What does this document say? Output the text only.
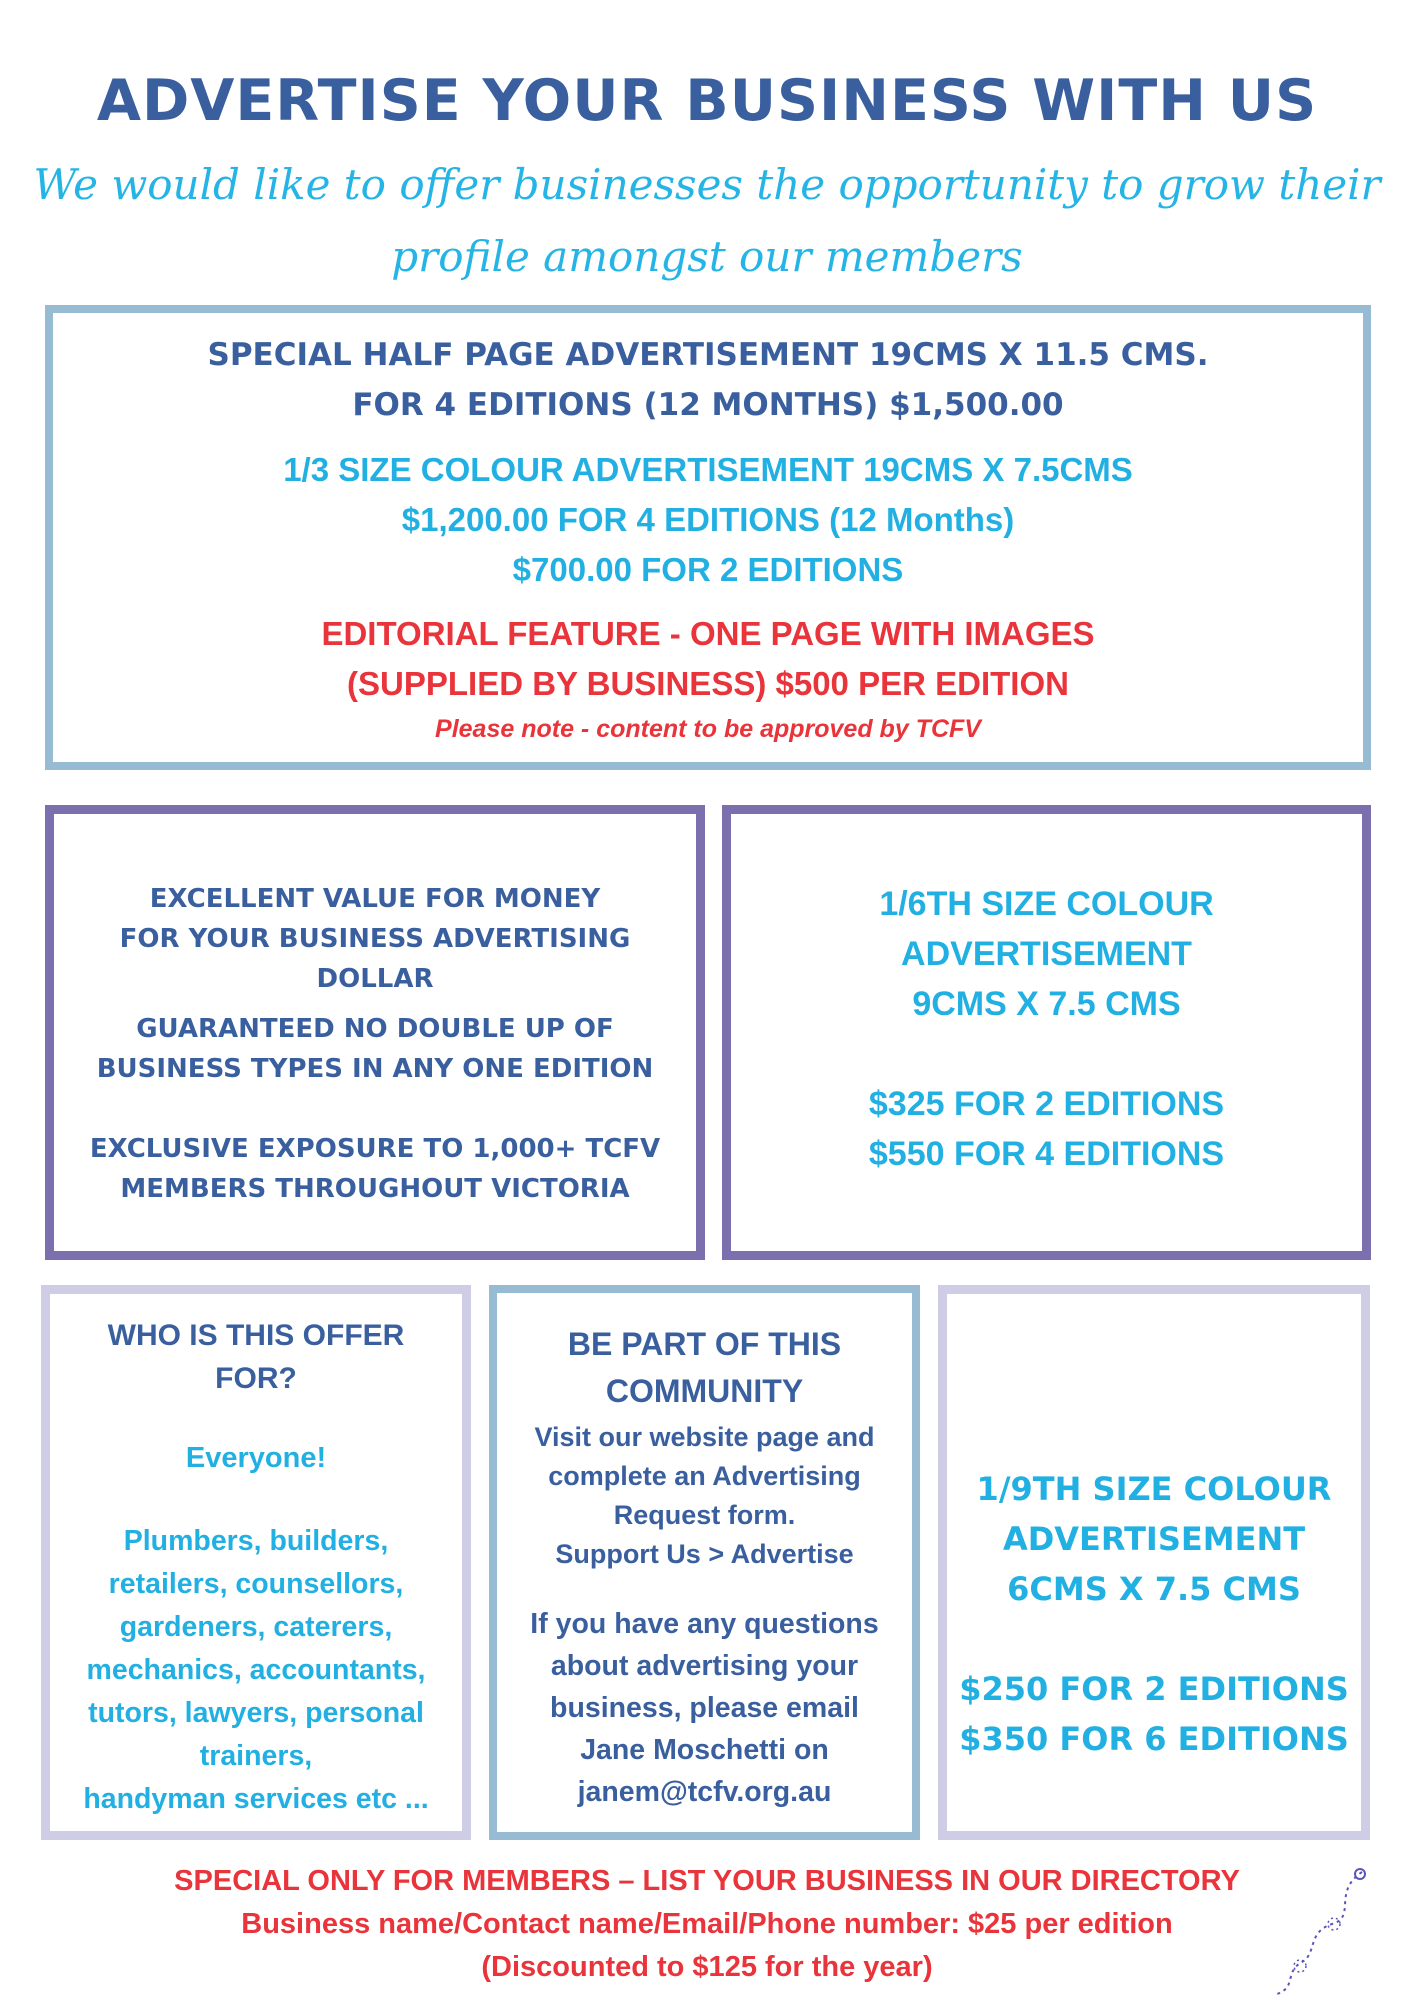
ADVERTISE YOUR BUSINESS WITH US
We would like to offer businesses the opportunity to grow their
profile amongst our members
SPECIAL HALF PAGE ADVERTISEMENT 19CMS X 11.5 CMS.
FOR 4 EDITIONS (12 MONTHS) $1,500.00
1/3 SIZE COLOUR ADVERTISEMENT 19CMS X 7.5CMS
$1,200.00 FOR 4 EDITIONS (12 Months)
$700.00 FOR 2 EDITIONS
EDITORIAL FEATURE - ONE PAGE WITH IMAGES
(SUPPLIED BY BUSINESS) $500 PER EDITION
Please note - content to be approved by TCFV
EXCELLENT VALUE FOR MONEY
FOR YOUR BUSINESS ADVERTISING
DOLLAR
GUARANTEED NO DOUBLE UP OF
BUSINESS TYPES IN ANY ONE EDITION
EXCLUSIVE EXPOSURE TO 1,000+ TCFV
MEMBERS THROUGHOUT VICTORIA
1/6TH SIZE COLOUR
ADVERTISEMENT
9CMS X 7.5 CMS
$325 FOR 2 EDITIONS
$550 FOR 4 EDITIONS
WHO IS THIS OFFER
FOR?
Everyone!
Plumbers, builders,
retailers, counsellors,
gardeners, caterers,
mechanics, accountants,
tutors, lawyers, personal
trainers,
handyman services etc ...
BE PART OF THIS
COMMUNITY
Visit our website page and
complete an Advertising
Request form.
Support Us > Advertise
If you have any questions
about advertising your
business, please email
Jane Moschetti on
janem@tcfv.org.au
1/9TH SIZE COLOUR
ADVERTISEMENT
6CMS X 7.5 CMS
$250 FOR 2 EDITIONS
$350 FOR 6 EDITIONS
SPECIAL ONLY FOR MEMBERS – LIST YOUR BUSINESS IN OUR DIRECTORY
Business name/Contact name/Email/Phone number: $25 per edition
(Discounted to $125 for the year)
